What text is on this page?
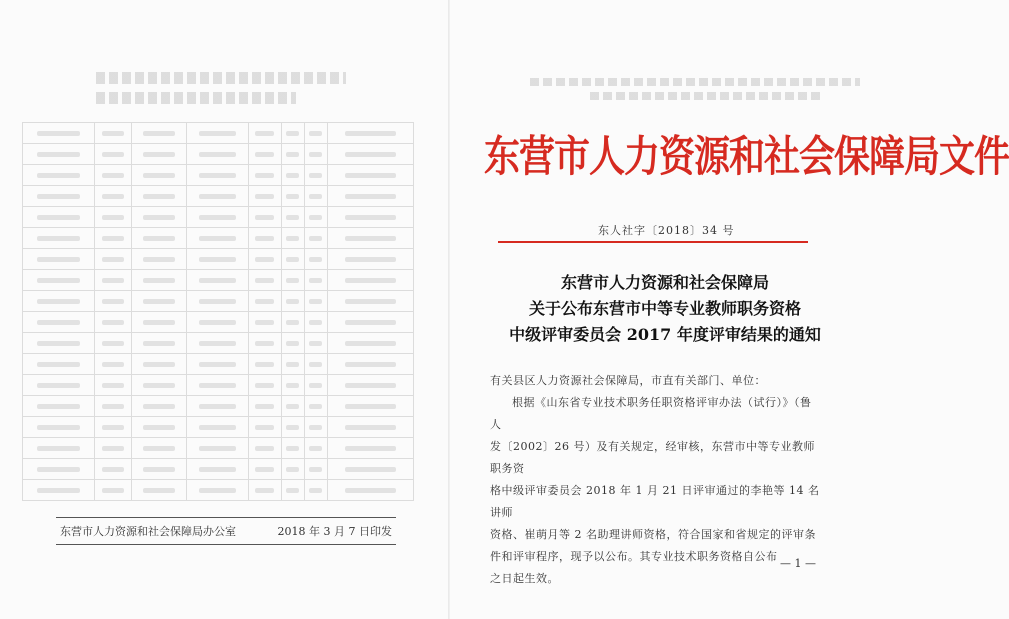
东营市人力资源和社会保障局办公室	2018 年 3 月 7 日印发
东营市人力资源和社会保障局文件
东人社字〔2018〕34 号
东营市人力资源和社会保障局
关于公布东营市中等专业教师职务资格
中级评审委员会 2017 年度评审结果的通知

有关县区人力资源社会保障局，市直有关部门、单位：

根据《山东省专业技术职务任职资格评审办法（试行）》（鲁人

发〔2002〕26 号）及有关规定，经审核，东营市中等专业教师职务资

格中级评审委员会 2018 年 1 月 21 日评审通过的李艳等 14 名讲师

资格、崔萌月等 2 名助理讲师资格，符合国家和省规定的评审条

件和评审程序，现予以公布。其专业技术职务资格自公布

之日起生效。

— 1 —
